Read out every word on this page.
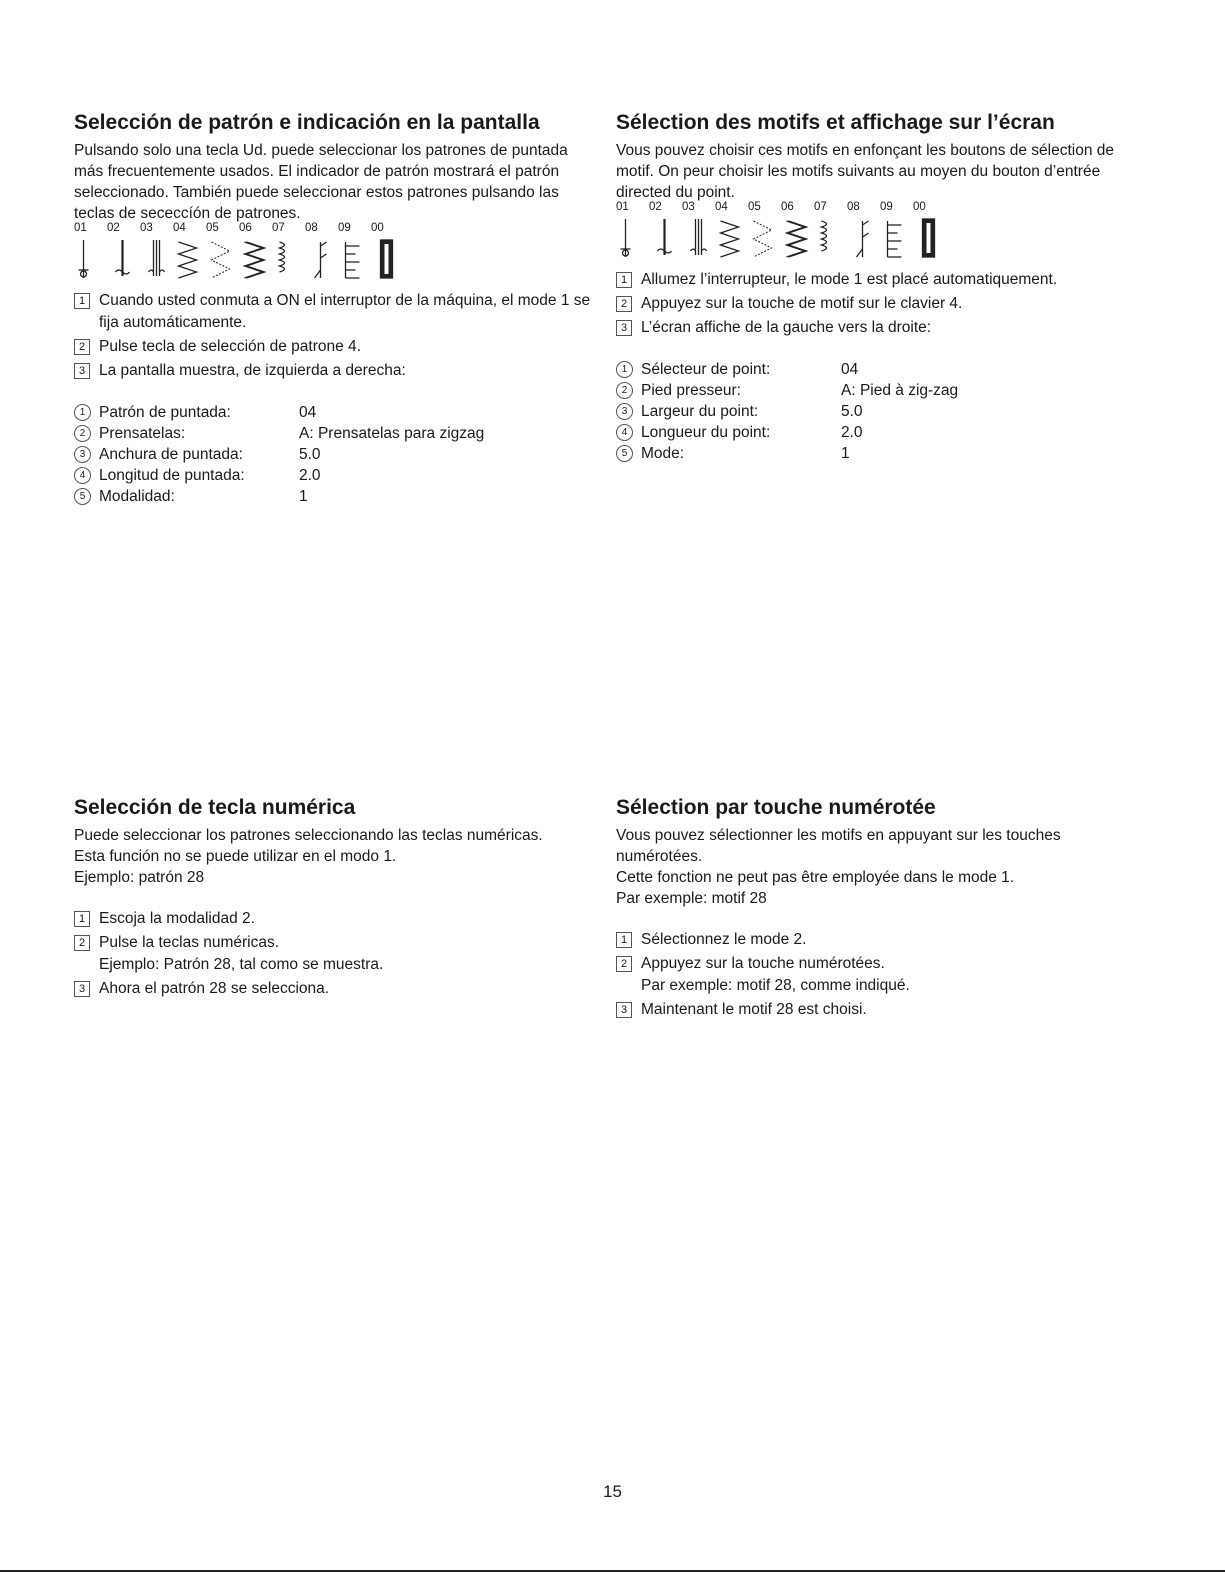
Selección de patrón e indicación en la pantalla

Pulsando solo una tecla Ud. puede seleccionar los patrones de puntada más frecuentemente usados. El indicador de patrón mostrará el patrón seleccionado. También puede seleccionar estos patrones pulsando las teclas de sececcíón de patrones.

01	02	03	04	05	06	07	08	09	00
1 Cuando usted conmuta a ON el interruptor de la máquina, el mode 1 se fija automáticamente.
2 Pulse tecla de selección de patrone 4.
3 La pantalla muestra, de izquierda a derecha:
1 Patrón de puntada:	04
2 Prensatelas:	A: Prensatelas para zigzag
3 Anchura de puntada:	5.0
4 Longitud de puntada:	2.0
5 Modalidad:	1
Sélection des motifs et affichage sur l’écran

Vous pouvez choisir ces motifs en enfonçant les boutons de sélection de motif. On peur choisir les motifs suivants au moyen du bouton d’entrée directed du point.

01	02	03	04	05	06	07	08	09	00
1 Allumez l’interrupteur, le mode 1 est placé automatiquement.
2 Appuyez sur la touche de motif sur le clavier 4.
3 L’écran affiche de la gauche vers la droite:
1 Sélecteur de point:	04
2 Pied presseur:	A: Pied à zig-zag
3 Largeur du point:	5.0
4 Longueur du point:	2.0
5 Mode:	1
Selección de tecla numérica

Puede seleccionar los patrones seleccionando las teclas numéricas.

Esta función no se puede utilizar en el modo 1.

Ejemplo: patrón 28

1 Escoja la modalidad 2.
2 Pulse la teclas numéricas.
Ejemplo: Patrón 28, tal como se muestra.
3 Ahora el patrón 28 se selecciona.
Sélection par touche numérotée

Vous pouvez sélectionner les motifs en appuyant sur les touches numérotées.

Cette fonction ne peut pas être employée dans le mode 1.

Par exemple: motif 28

1 Sélectionnez le mode 2.
2 Appuyez sur la touche numérotées.
Par exemple: motif 28, comme indiqué.
3 Maintenant le motif 28 est choisi.
15
